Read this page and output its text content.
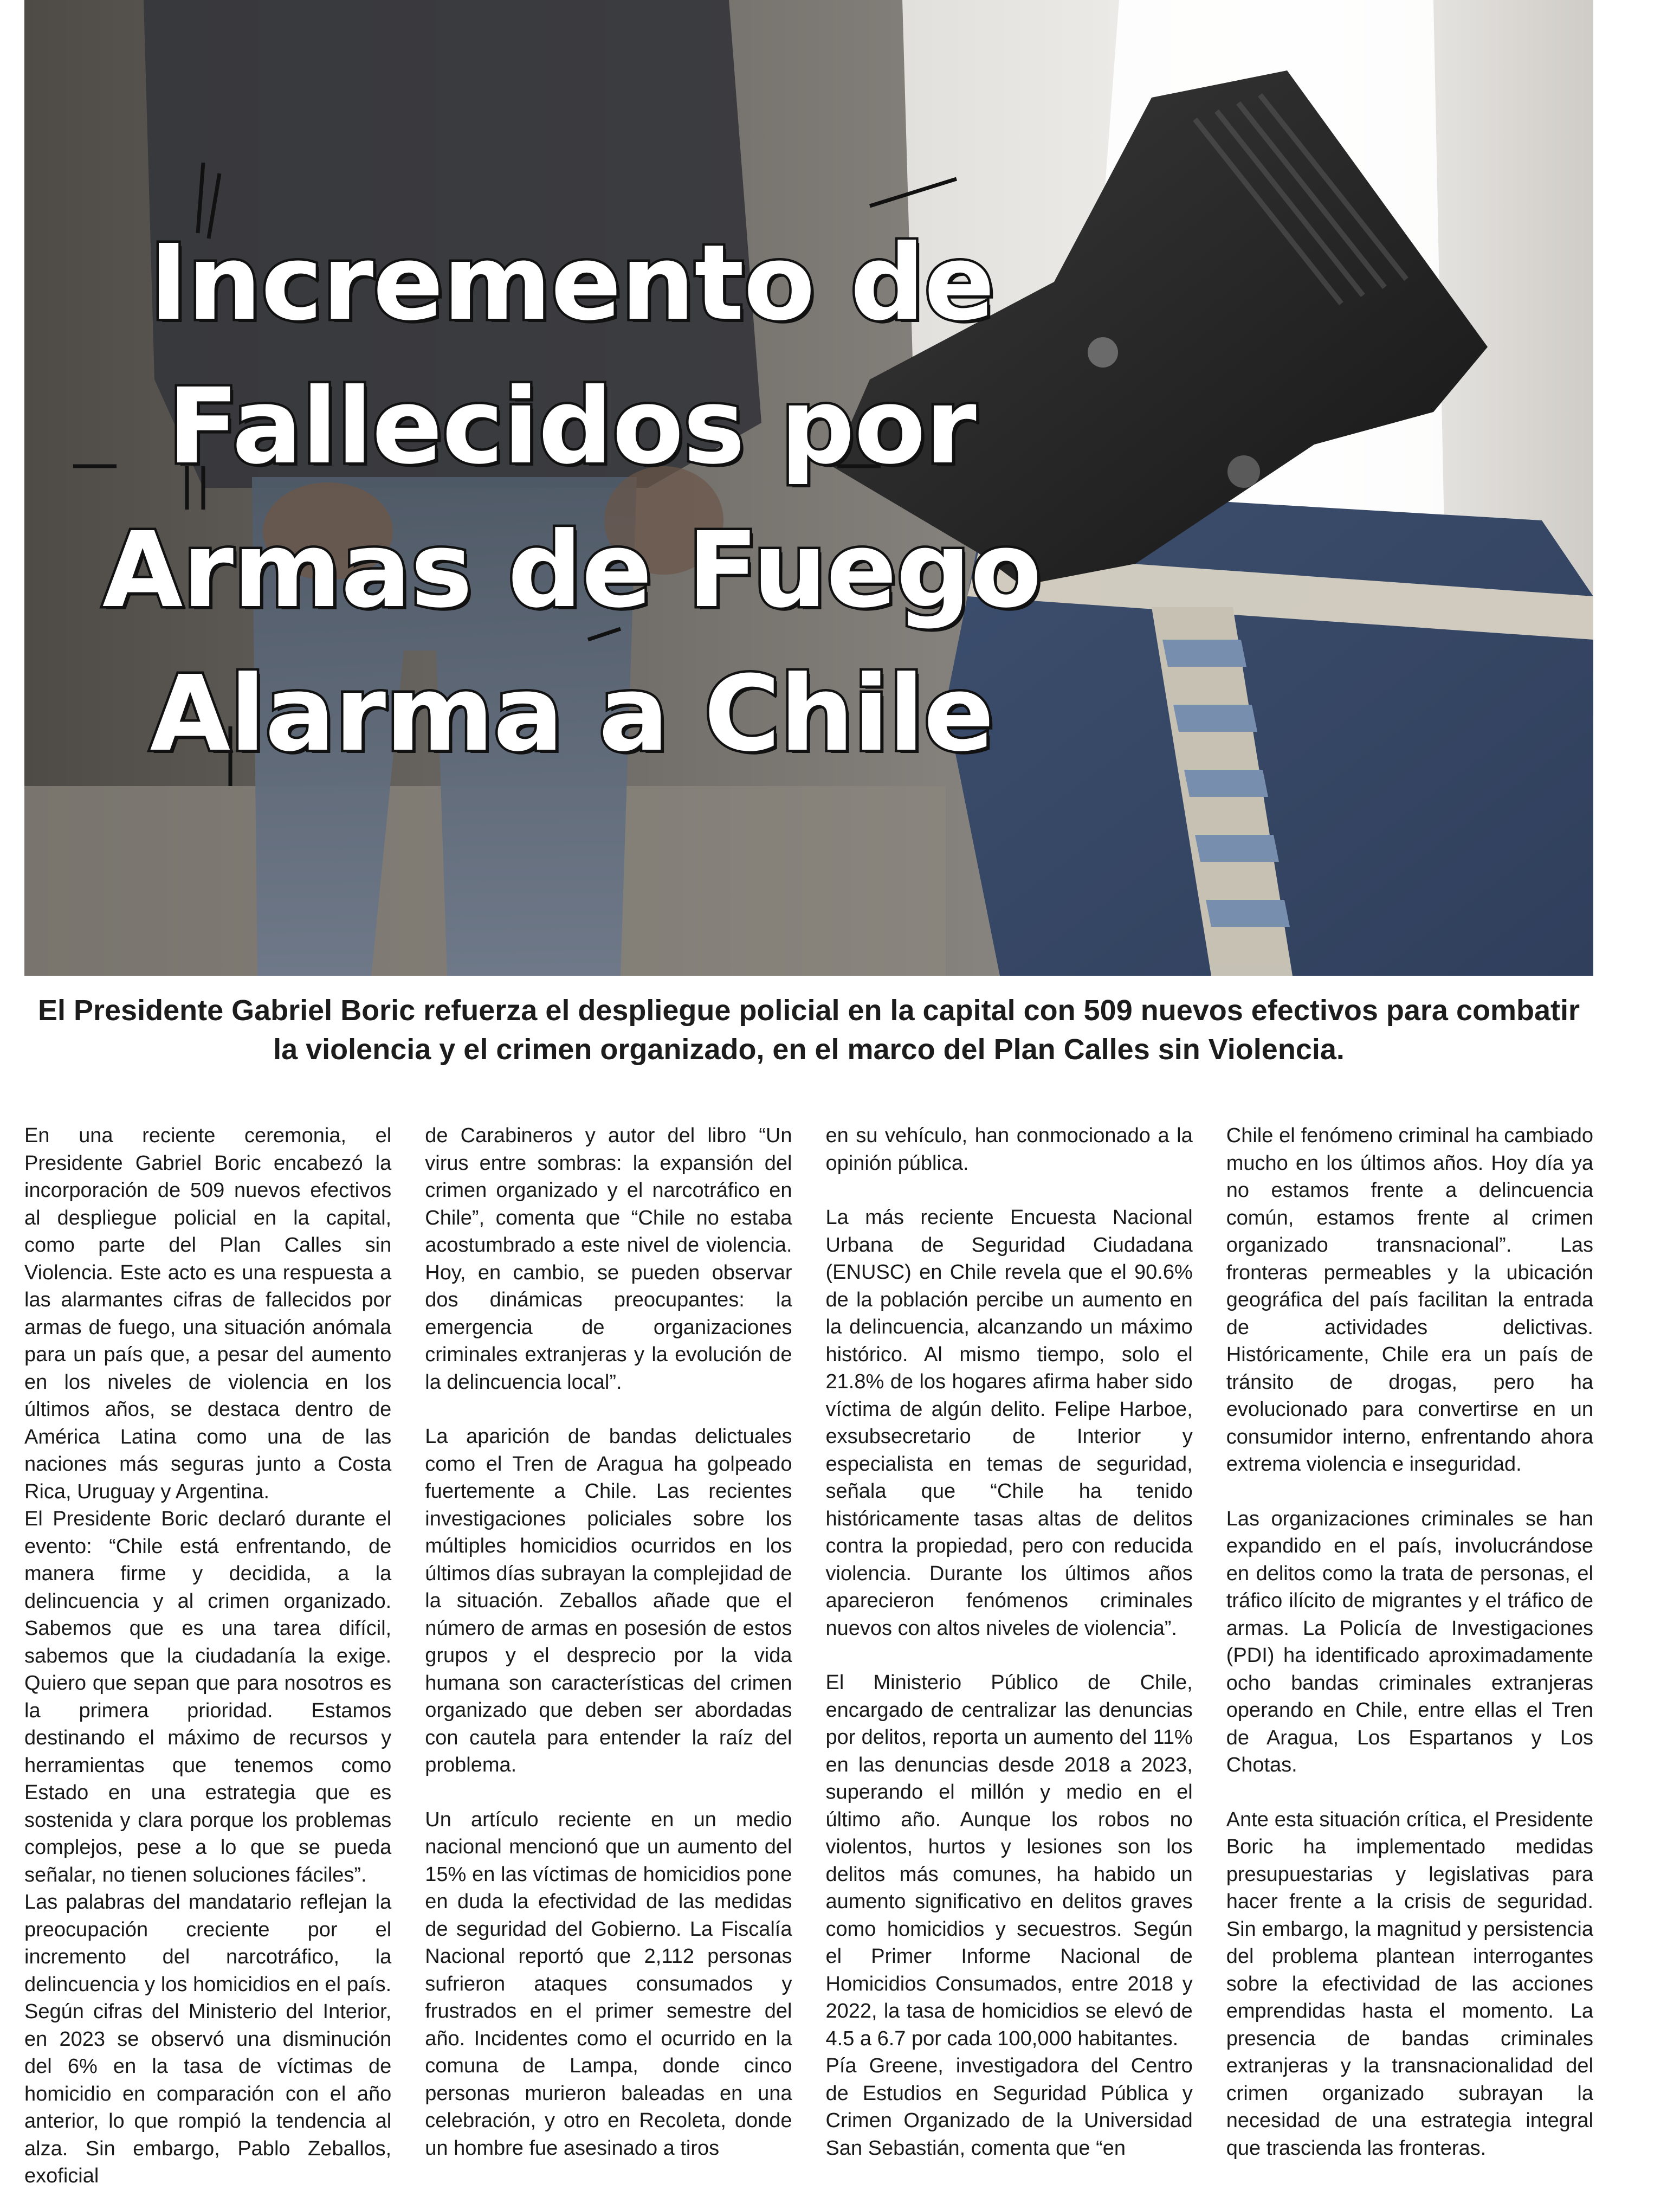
Incremento de
Fallecidos por
Armas de Fuego
Alarma a Chile

El Presidente Gabriel Boric refuerza el despliegue policial en la capital con 509 nuevos efectivos para combatir la violencia y el crimen organizado, en el marco del Plan Calles sin Violencia.

En una reciente ceremonia, el Presidente Gabriel Boric encabezó la incorporación de 509 nuevos efectivos al despliegue policial en la capital, como parte del Plan Calles sin Violencia. Este acto es una respuesta a las alarmantes cifras de fallecidos por armas de fuego, una situación anómala para un país que, a pesar del aumento en los niveles de violencia en los últimos años, se destaca dentro de América Latina como una de las naciones más seguras junto a Costa Rica, Uruguay y Argentina.

El Presidente Boric declaró durante el evento: “Chile está enfrentando, de manera firme y decidida, a la delincuencia y al crimen organizado. Sabemos que es una tarea difícil, sabemos que la ciudadanía la exige. Quiero que sepan que para nosotros es la primera prioridad. Estamos destinando el máximo de recursos y herramientas que tenemos como Estado en una estrategia que es sostenida y clara porque los problemas complejos, pese a lo que se pueda señalar, no tienen soluciones fáciles”.

Las palabras del mandatario reflejan la preocupación creciente por el incremento del narcotráfico, la delincuencia y los homicidios en el país. Según cifras del Ministerio del Interior, en 2023 se observó una disminución del 6% en la tasa de víctimas de homicidio en comparación con el año anterior, lo que rompió la tendencia al alza. Sin embargo, Pablo Zeballos, exoficial

de Carabineros y autor del libro “Un virus entre sombras: la expansión del crimen organizado y el narcotráfico en Chile”, comenta que “Chile no estaba acostumbrado a este nivel de violencia. Hoy, en cambio, se pueden observar dos dinámicas preocupantes: la emergencia de organizaciones criminales extranjeras y la evolución de la delincuencia local”.

La aparición de bandas delictuales como el Tren de Aragua ha golpeado fuertemente a Chile. Las recientes investigaciones policiales sobre los múltiples homicidios ocurridos en los últimos días subrayan la complejidad de la situación. Zeballos añade que el número de armas en posesión de estos grupos y el desprecio por la vida humana son características del crimen organizado que deben ser abordadas con cautela para entender la raíz del problema.

Un artículo reciente en un medio nacional mencionó que un aumento del 15% en las víctimas de homicidios pone en duda la efectividad de las medidas de seguridad del Gobierno. La Fiscalía Nacional reportó que 2,112 personas sufrieron ataques consumados y frustrados en el primer semestre del año. Incidentes como el ocurrido en la comuna de Lampa, donde cinco personas murieron baleadas en una celebración, y otro en Recoleta, donde un hombre fue asesinado a tiros

en su vehículo, han conmocionado a la opinión pública.

La más reciente Encuesta Nacional Urbana de Seguridad Ciudadana (ENUSC) en Chile revela que el 90.6% de la población percibe un aumento en la delincuencia, alcanzando un máximo histórico. Al mismo tiempo, solo el 21.8% de los hogares afirma haber sido víctima de algún delito. Felipe Harboe, exsubsecretario de Interior y especialista en temas de seguridad, señala que “Chile ha tenido históricamente tasas altas de delitos contra la propiedad, pero con reducida violencia. Durante los últimos años aparecieron fenómenos criminales nuevos con altos niveles de violencia”.

El Ministerio Público de Chile, encargado de centralizar las denuncias por delitos, reporta un aumento del 11% en las denuncias desde 2018 a 2023, superando el millón y medio en el último año. Aunque los robos no violentos, hurtos y lesiones son los delitos más comunes, ha habido un aumento significativo en delitos graves como homicidios y secuestros. Según el Primer Informe Nacional de Homicidios Consumados, entre 2018 y 2022, la tasa de homicidios se elevó de 4.5 a 6.7 por cada 100,000 habitantes.

Pía Greene, investigadora del Centro de Estudios en Seguridad Pública y Crimen Organizado de la Universidad San Sebastián, comenta que “en

Chile el fenómeno criminal ha cambiado mucho en los últimos años. Hoy día ya no estamos frente a delincuencia común, estamos frente al crimen organizado transnacional”. Las fronteras permeables y la ubicación geográfica del país facilitan la entrada de actividades delictivas. Históricamente, Chile era un país de tránsito de drogas, pero ha evolucionado para convertirse en un consumidor interno, enfrentando ahora extrema violencia e inseguridad.

Las organizaciones criminales se han expandido en el país, involucrándose en delitos como la trata de personas, el tráfico ilícito de migrantes y el tráfico de armas. La Policía de Investigaciones (PDI) ha identificado aproximadamente ocho bandas criminales extranjeras operando en Chile, entre ellas el Tren de Aragua, Los Espartanos y Los Chotas.

Ante esta situación crítica, el Presidente Boric ha implementado medidas presupuestarias y legislativas para hacer frente a la crisis de seguridad. Sin embargo, la magnitud y persistencia del problema plantean interrogantes sobre la efectividad de las acciones emprendidas hasta el momento. La presencia de bandas criminales extranjeras y la transnacionalidad del crimen organizado subrayan la necesidad de una estrategia integral que trascienda las fronteras.
